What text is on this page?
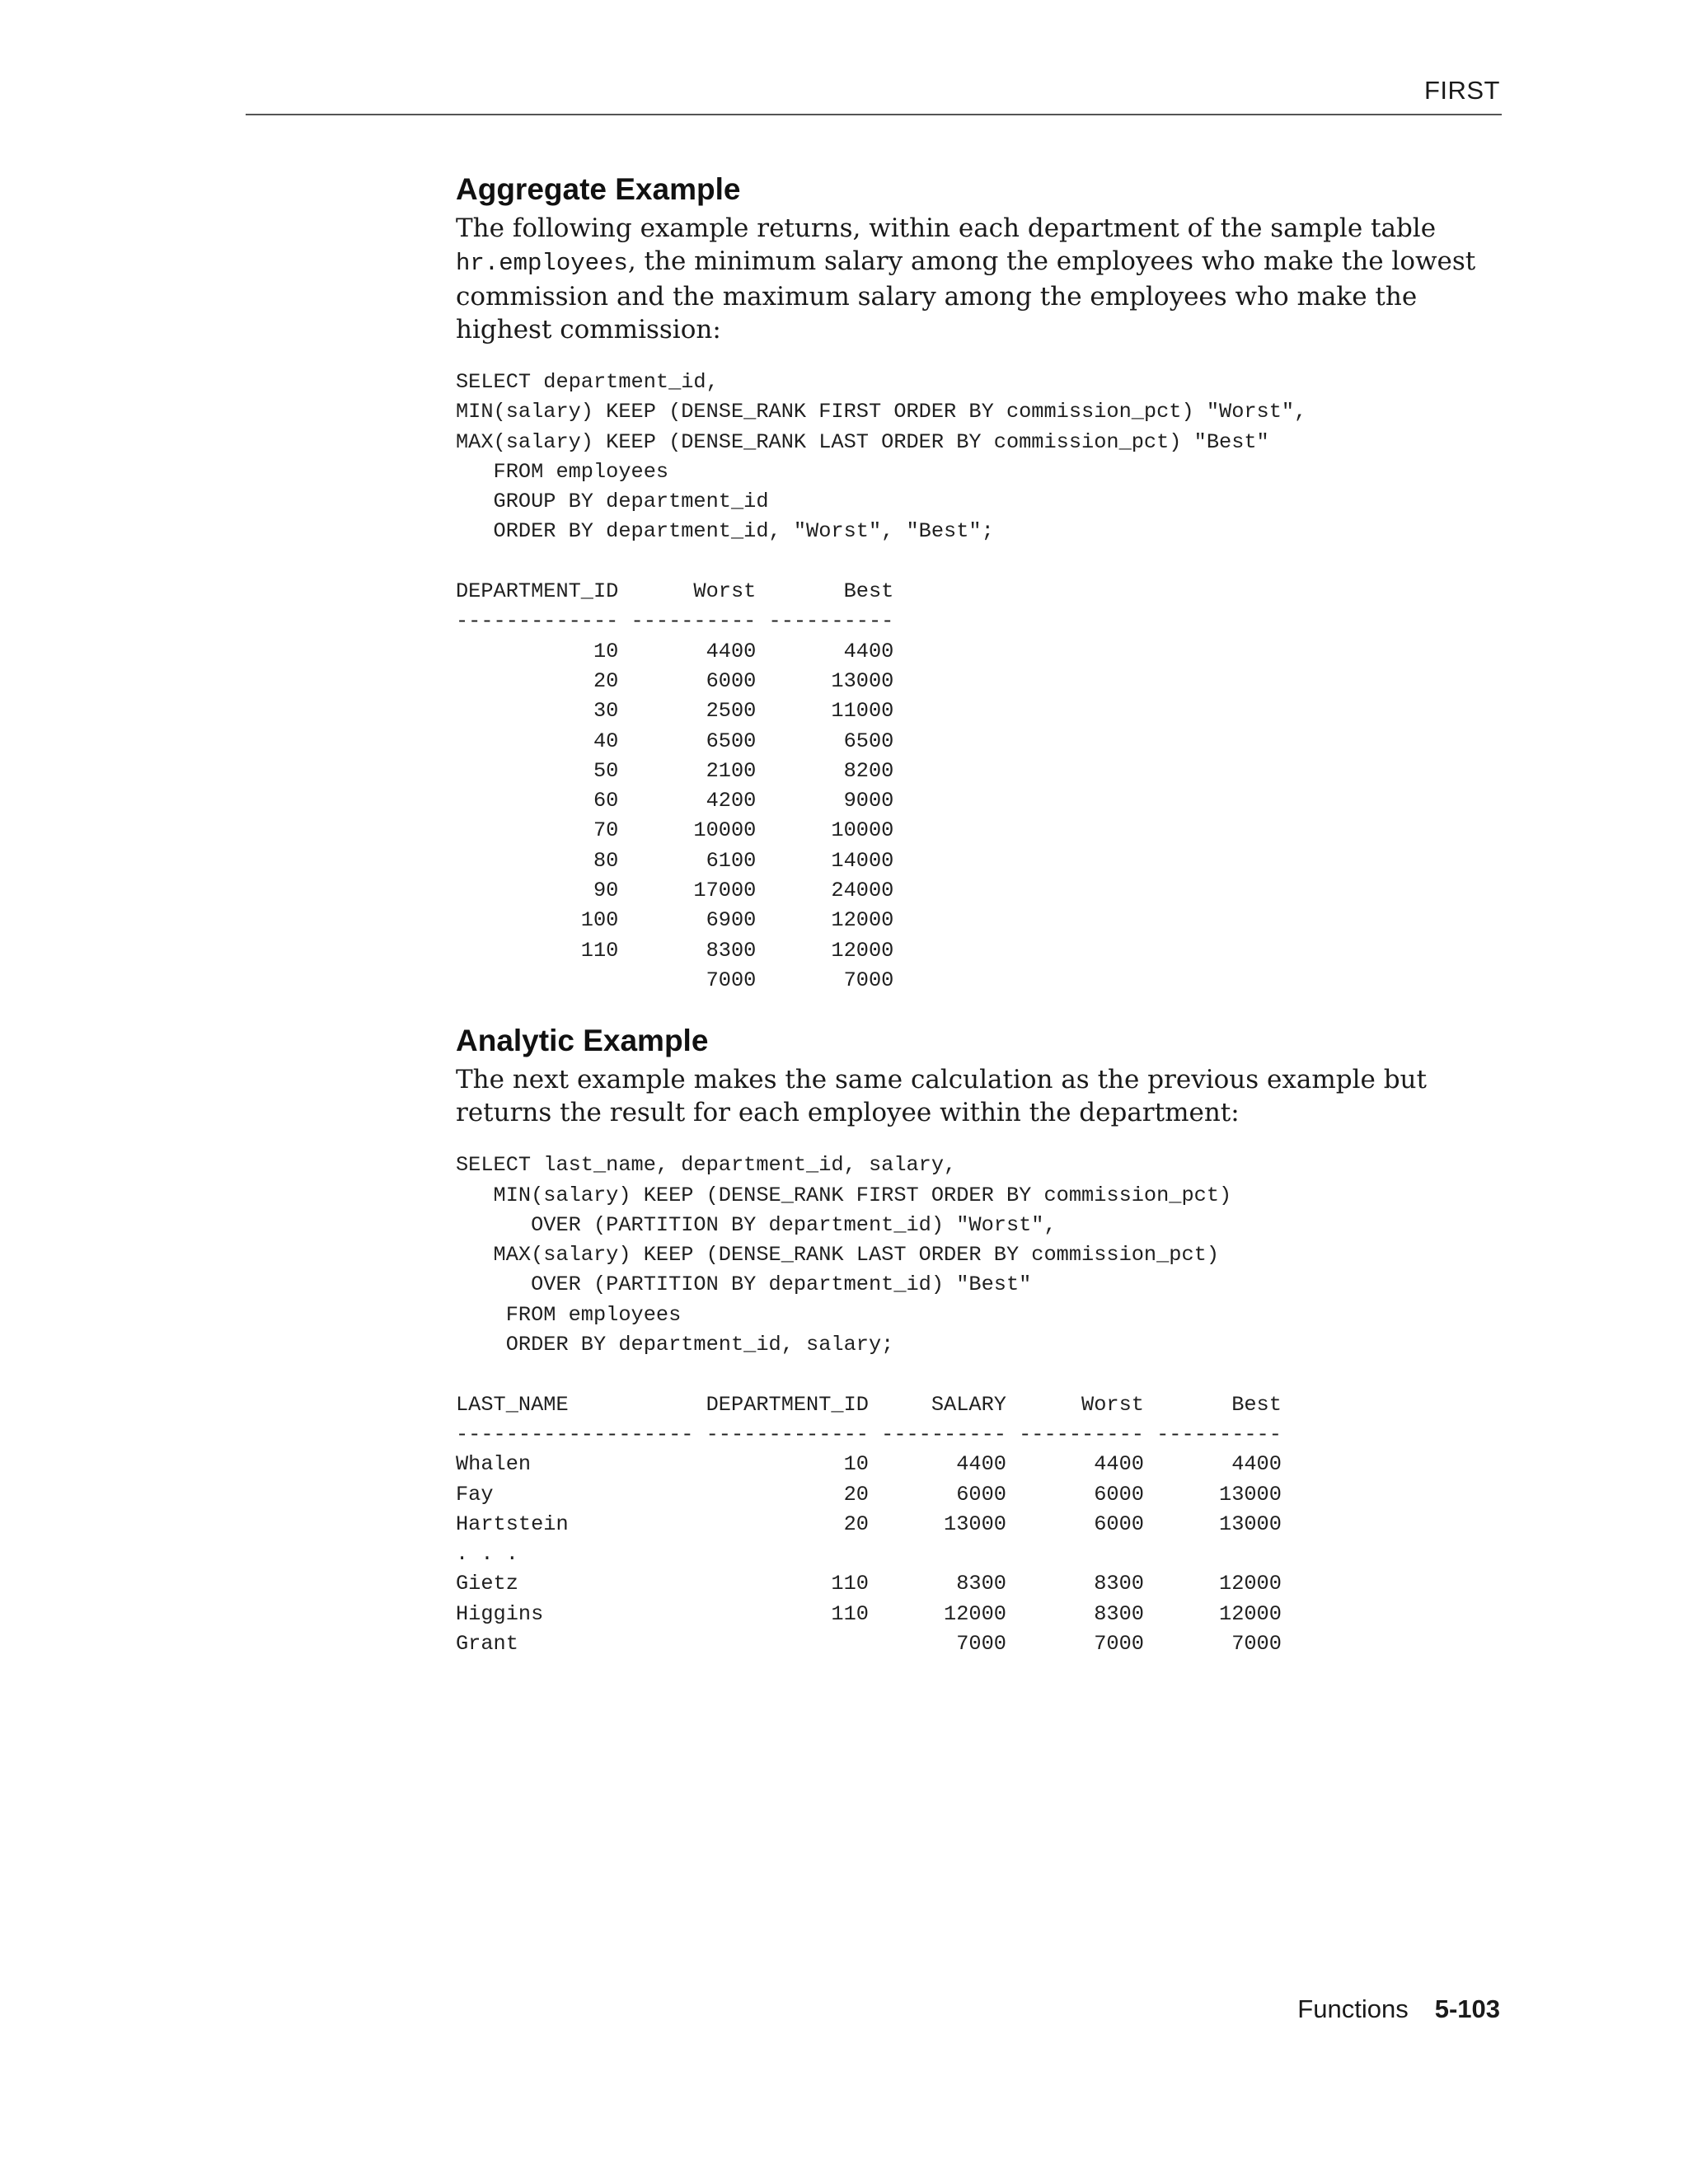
FIRST
Aggregate Example

The following example returns, within each department of the sample table hr.employees, the minimum salary among the employees who make the lowest commission and the maximum salary among the employees who make the highest commission:

SELECT department_id,
MIN(salary) KEEP (DENSE_RANK FIRST ORDER BY commission_pct) "Worst",
MAX(salary) KEEP (DENSE_RANK LAST ORDER BY commission_pct) "Best"
FROM employees
GROUP BY department_id
ORDER BY department_id, "Worst", "Best";
DEPARTMENT_ID      Worst       Best
------------- ---------- ----------
10       4400       4400
20       6000      13000
30       2500      11000
40       6500       6500
50       2100       8200
60       4200       9000
70      10000      10000
80       6100      14000
90      17000      24000
100       6900      12000
110       8300      12000
7000       7000
Analytic Example

The next example makes the same calculation as the previous example but returns the result for each employee within the department:

SELECT last_name, department_id, salary,
MIN(salary) KEEP (DENSE_RANK FIRST ORDER BY commission_pct)
OVER (PARTITION BY department_id) "Worst",
MAX(salary) KEEP (DENSE_RANK LAST ORDER BY commission_pct)
OVER (PARTITION BY department_id) "Best"
FROM employees
ORDER BY department_id, salary;
LAST_NAME           DEPARTMENT_ID     SALARY      Worst       Best
------------------- ------------- ---------- ---------- ----------
Whalen                         10       4400       4400       4400
Fay                            20       6000       6000      13000
Hartstein                      20      13000       6000      13000
. . .
Gietz                         110       8300       8300      12000
Higgins                       110      12000       8300      12000
Grant                                   7000       7000       7000
Functions 5-103
